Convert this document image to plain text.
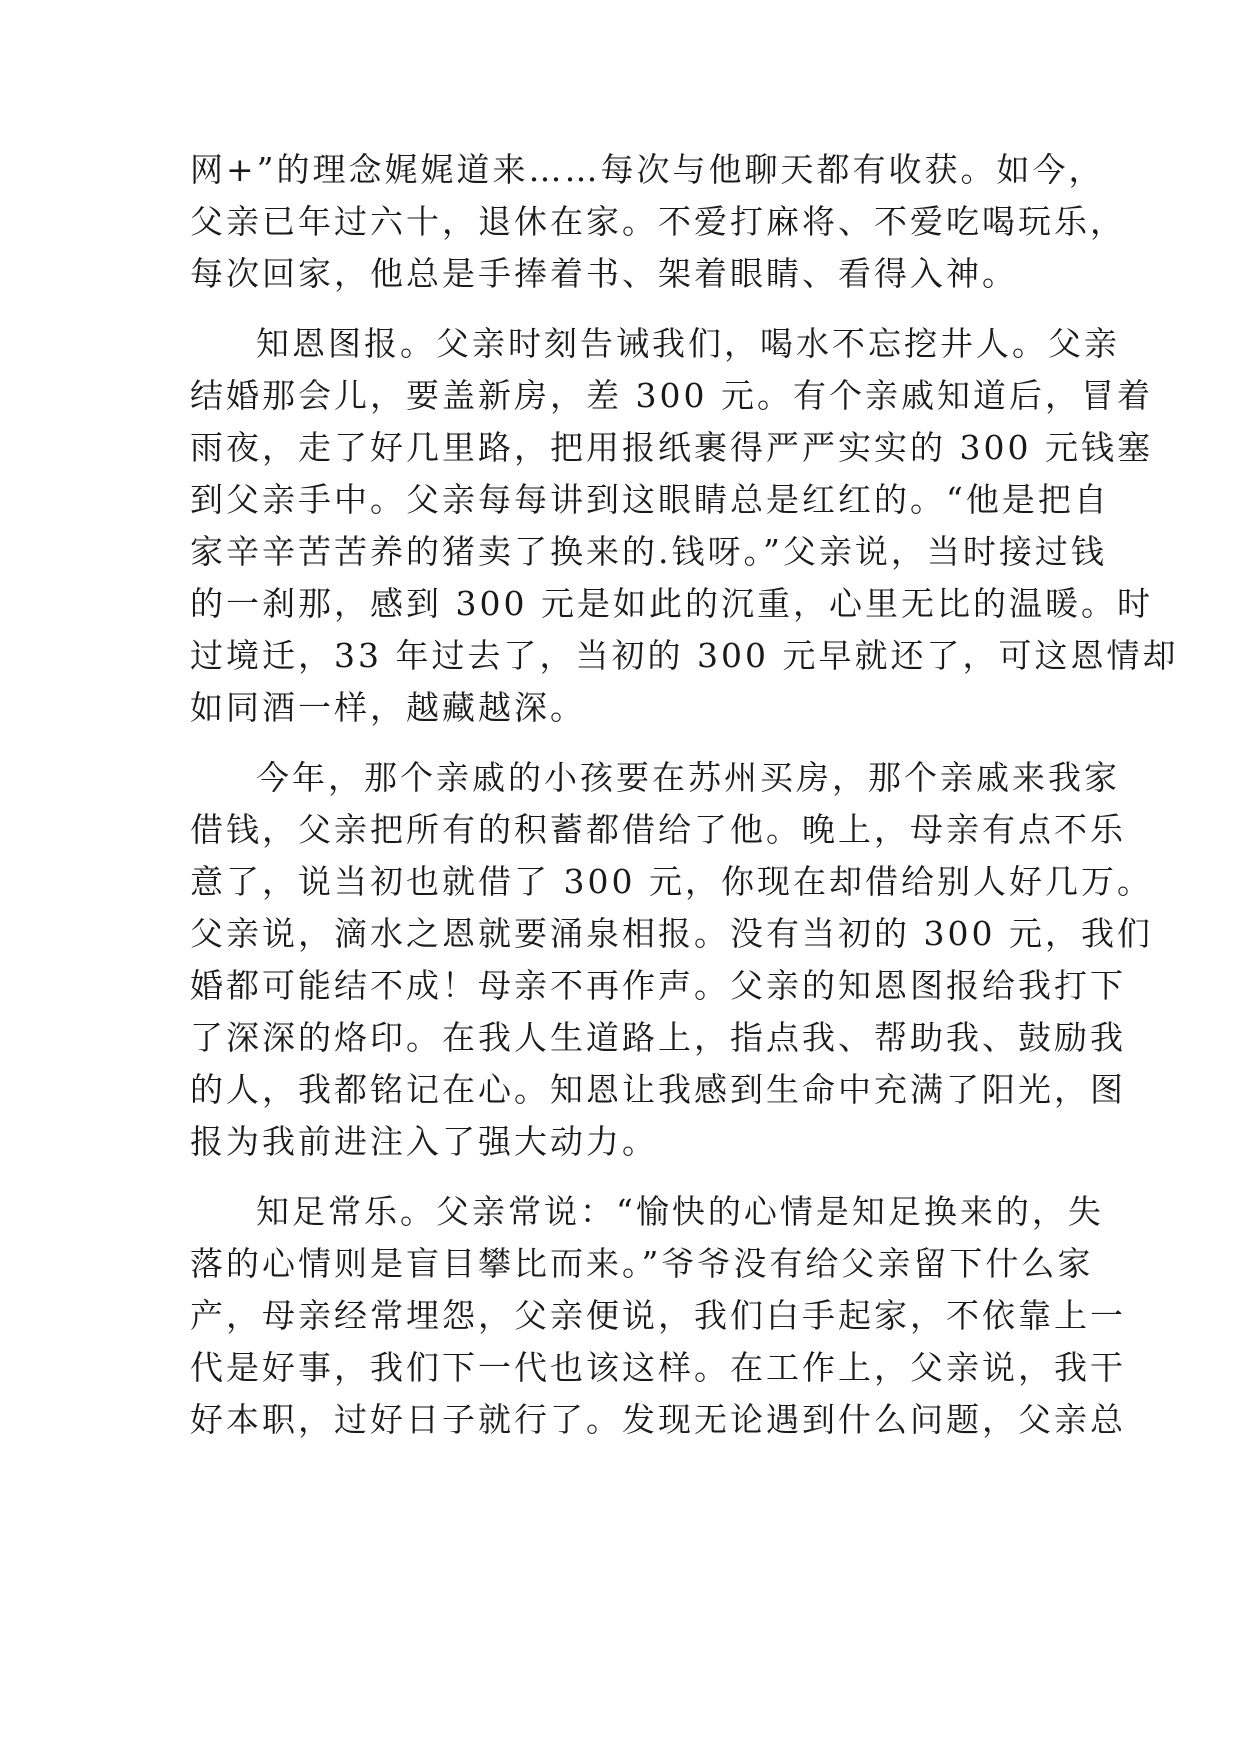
网+”的理念娓娓道来……每次与他聊天都有收获。如今，
父亲已年过六十，退休在家。不爱打麻将、不爱吃喝玩乐，
每次回家，他总是手捧着书、架着眼睛、看得入神。
知恩图报。父亲时刻告诫我们，喝水不忘挖井人。父亲
结婚那会儿，要盖新房，差 300 元。有个亲戚知道后，冒着
雨夜，走了好几里路，把用报纸裹得严严实实的 300 元钱塞
到父亲手中。父亲每每讲到这眼睛总是红红的。“他是把自
家辛辛苦苦养的猪卖了换来的.钱呀。”父亲说，当时接过钱
的一刹那，感到 300 元是如此的沉重，心里无比的温暖。时
过境迁，33 年过去了，当初的 300 元早就还了，可这恩情却
如同酒一样，越藏越深。
今年，那个亲戚的小孩要在苏州买房，那个亲戚来我家
借钱，父亲把所有的积蓄都借给了他。晚上，母亲有点不乐
意了，说当初也就借了 300 元，你现在却借给别人好几万。
父亲说，滴水之恩就要涌泉相报。没有当初的 300 元，我们
婚都可能结不成！母亲不再作声。父亲的知恩图报给我打下
了深深的烙印。在我人生道路上，指点我、帮助我、鼓励我
的人，我都铭记在心。知恩让我感到生命中充满了阳光，图
报为我前进注入了强大动力。
知足常乐。父亲常说：“愉快的心情是知足换来的，失
落的心情则是盲目攀比而来。”爷爷没有给父亲留下什么家
产，母亲经常埋怨，父亲便说，我们白手起家，不依靠上一
代是好事，我们下一代也该这样。在工作上，父亲说，我干
好本职，过好日子就行了。发现无论遇到什么问题，父亲总
